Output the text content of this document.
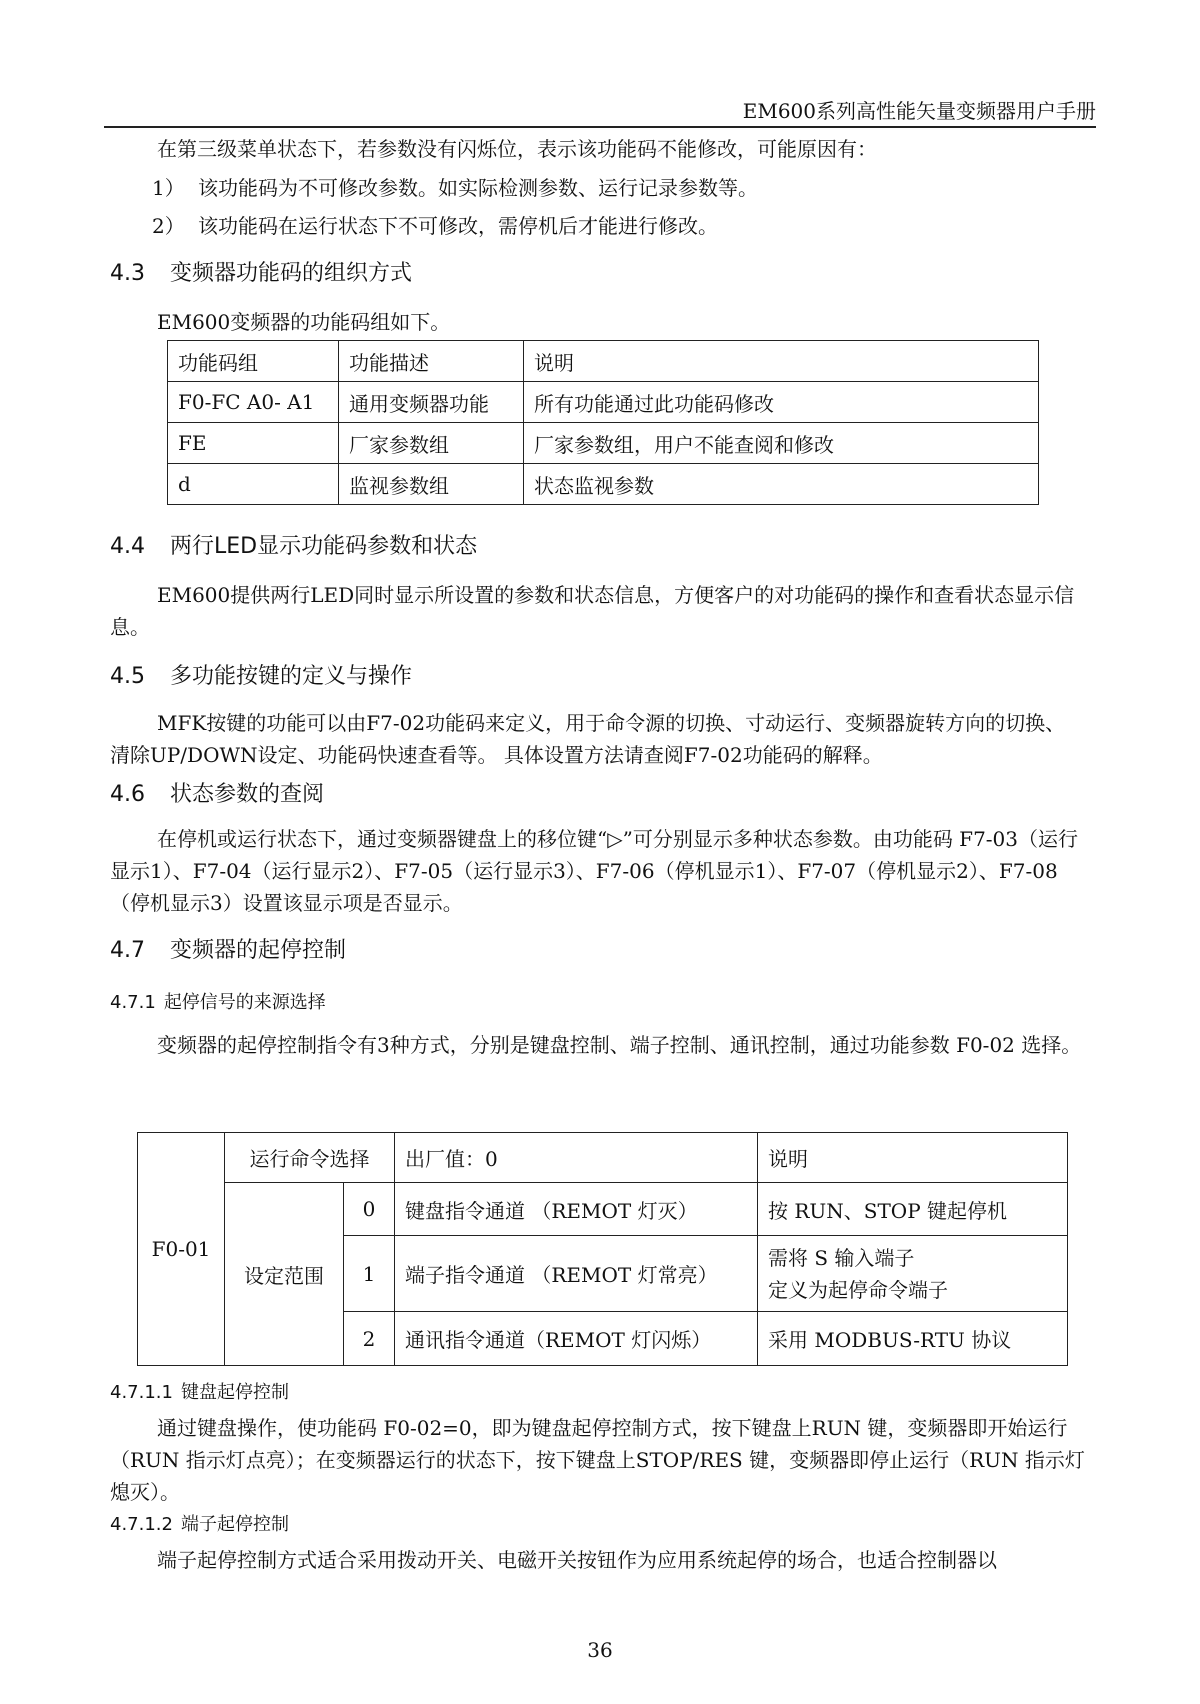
EM600系列高性能矢量变频器用户手册
在第三级菜单状态下，若参数没有闪烁位，表示该功能码不能修改，可能原因有：
1） 该功能码为不可修改参数。如实际检测参数、运行记录参数等。
2） 该功能码在运行状态下不可修改，需停机后才能进行修改。
4.3 变频器功能码的组织方式
EM600变频器的功能码组如下。
功能码组	功能描述	说明
F0-FC A0- A1	通用变频器功能	所有功能通过此功能码修改
FE	厂家参数组	厂家参数组，用户不能查阅和修改
d	监视参数组	状态监视参数
4.4 两行LED显示功能码参数和状态
EM600提供两行LED同时显示所设置的参数和状态信息，方便客户的对功能码的操作和查看状态显示信息。
4.5 多功能按键的定义与操作
MFK按键的功能可以由F7-02功能码来定义，用于命令源的切换、寸动运行、变频器旋转方向的切换、清除UP/DOWN设定、功能码快速查看等。 具体设置方法请查阅F7-02功能码的解释。
4.6 状态参数的查阅
在停机或运行状态下，通过变频器键盘上的移位键“▷”可分别显示多种状态参数。由功能码 F7-03（运行显示1）、F7-04（运行显示2）、F7-05（运行显示3）、F7-06（停机显示1）、F7-07（停机显示2）、F7-08（停机显示3）设置该显示项是否显示。
4.7 变频器的起停控制
4.7.1 起停信号的来源选择
变频器的起停控制指令有3种方式，分别是键盘控制、端子控制、通讯控制，通过功能参数 F0-02 选择。
F0-01	运行命令选择		出厂值：0	说明
	设定范围	0	键盘指令通道 （REMOT 灯灭）	按 RUN、STOP 键起停机
		1	端子指令通道 （REMOT 灯常亮）	需将 S 输入端子
定义为起停命令端子

		2	通讯指令通道（REMOT 灯闪烁）	采用 MODBUS-RTU 协议
4.7.1.1 键盘起停控制
通过键盘操作，使功能码 F0-02=0，即为键盘起停控制方式，按下键盘上RUN 键，变频器即开始运行（RUN 指示灯点亮）；在变频器运行的状态下，按下键盘上STOP/RES 键，变频器即停止运行（RUN 指示灯熄灭）。
4.7.1.2 端子起停控制
端子起停控制方式适合采用拨动开关、电磁开关按钮作为应用系统起停的场合，也适合控制器以
36
